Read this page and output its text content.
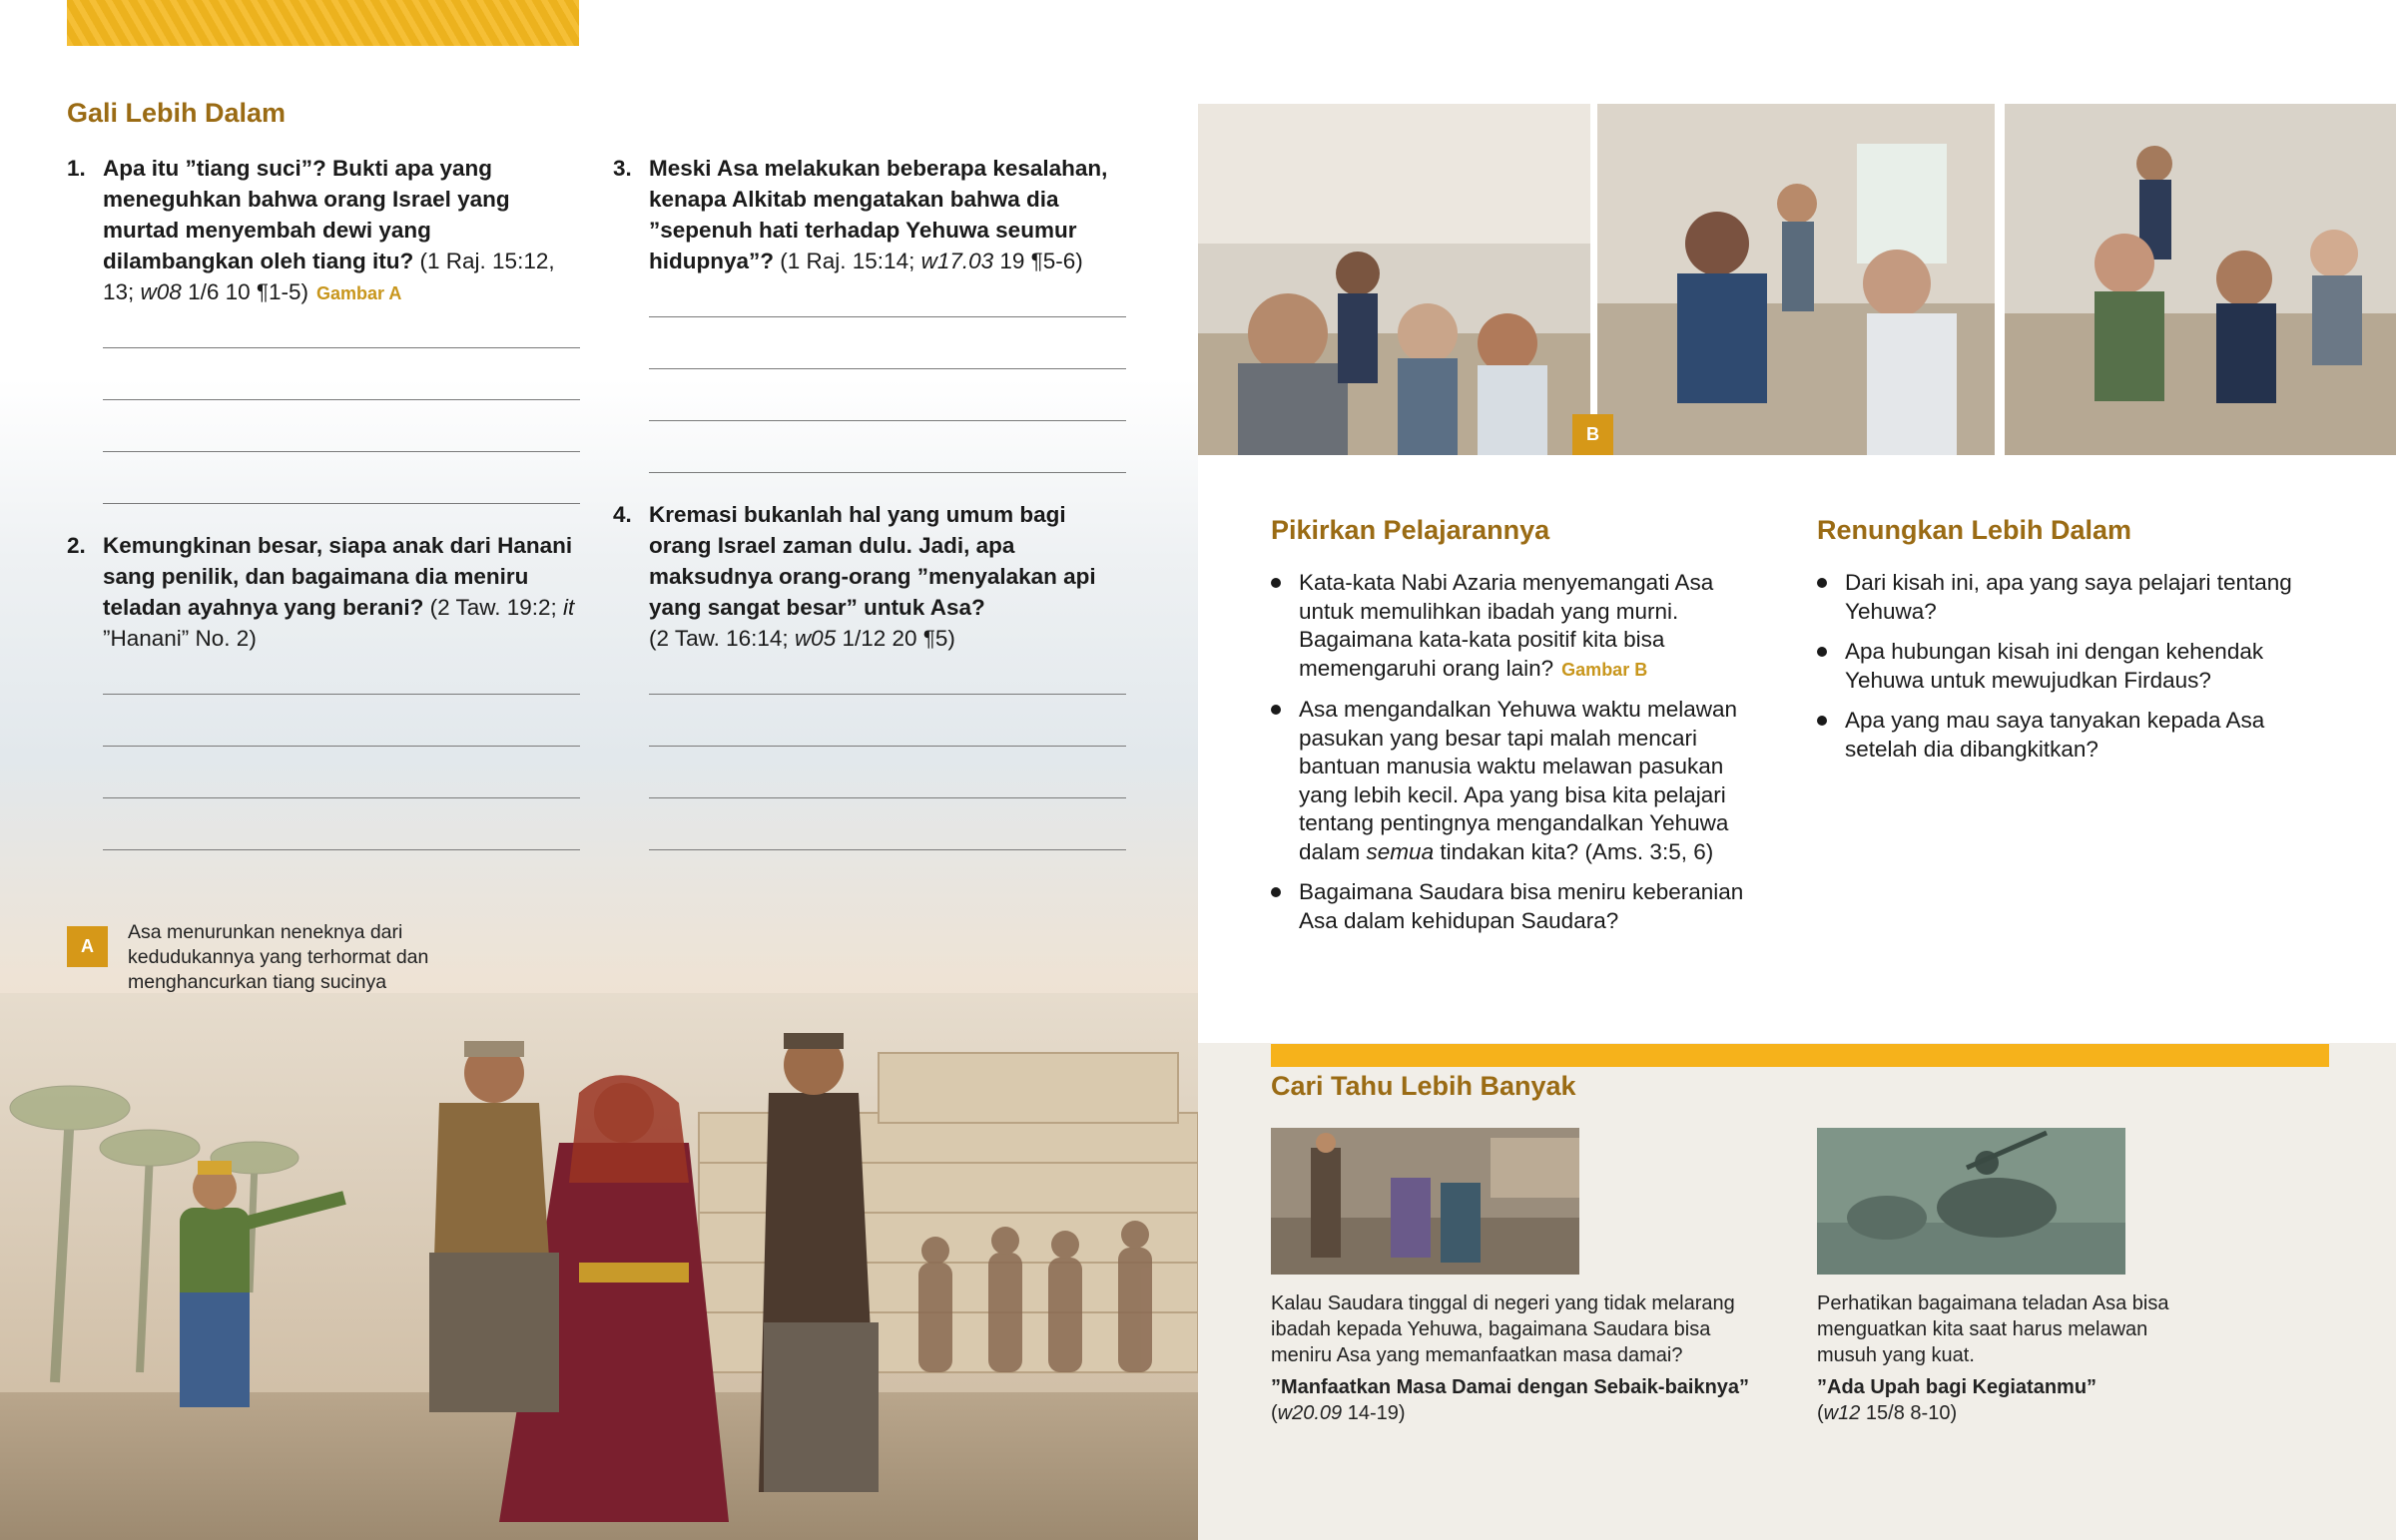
Gali Lebih Dalam
1. Apa itu ”tiang suci”? Bukti apa yang meneguhkan bahwa orang Israel yang murtad menyembah dewi yang dilambangkan oleh tiang itu? (1 Raj. 15:12, 13; w08 1/6 10 ¶1-5) Gambar A
2. Kemungkinan besar, siapa anak dari Hanani sang penilik, dan bagaimana dia meniru teladan ayahnya yang berani? (2 Taw. 19:2; it ”Hanani” No. 2)
3. Meski Asa melakukan beberapa kesalahan, kenapa Alkitab mengatakan bahwa dia ”sepenuh hati terhadap Yehuwa seumur hidupnya”? (1 Raj. 15:14; w17.03 19 ¶5-6)
4. Kremasi bukanlah hal yang umum bagi orang Israel zaman dulu. Jadi, apa maksudnya orang-orang ”menyalakan api yang sangat besar” untuk Asa?
(2 Taw. 16:14; w05 1/12 20 ¶5)
A
Asa menurunkan neneknya dari kedudukannya yang terhormat dan menghancurkan tiang sucinya
B
Pikirkan Pelajarannya
Kata-kata Nabi Azaria menyemangati Asa untuk memulihkan ibadah yang murni. Bagaimana kata-kata positif kita bisa memengaruhi orang lain? Gambar B
Asa mengandalkan Yehuwa waktu melawan pasukan yang besar tapi malah mencari bantuan manusia waktu melawan pasukan yang lebih kecil. Apa yang bisa kita pelajari tentang pentingnya mengandalkan Yehuwa dalam semua tindakan kita? (Ams. 3:5, 6)
Bagaimana Saudara bisa meniru keberanian Asa dalam kehidupan Saudara?
Renungkan Lebih Dalam
Dari kisah ini, apa yang saya pelajari tentang Yehuwa?
Apa hubungan kisah ini dengan kehendak Yehuwa untuk mewujudkan Firdaus?
Apa yang mau saya tanyakan kepada Asa setelah dia dibangkitkan?
Cari Tahu Lebih Banyak
Kalau Saudara tinggal di negeri yang tidak melarang ibadah kepada Yehuwa, bagaimana Saudara bisa meniru Asa yang memanfaatkan masa damai?
”Manfaatkan Masa Damai dengan Sebaik-baiknya”
(w20.09 14-19)
Perhatikan bagaimana teladan Asa bisa menguatkan kita saat harus melawan musuh yang kuat.
”Ada Upah bagi Kegiatanmu”
(w12 15/8 8-10)
